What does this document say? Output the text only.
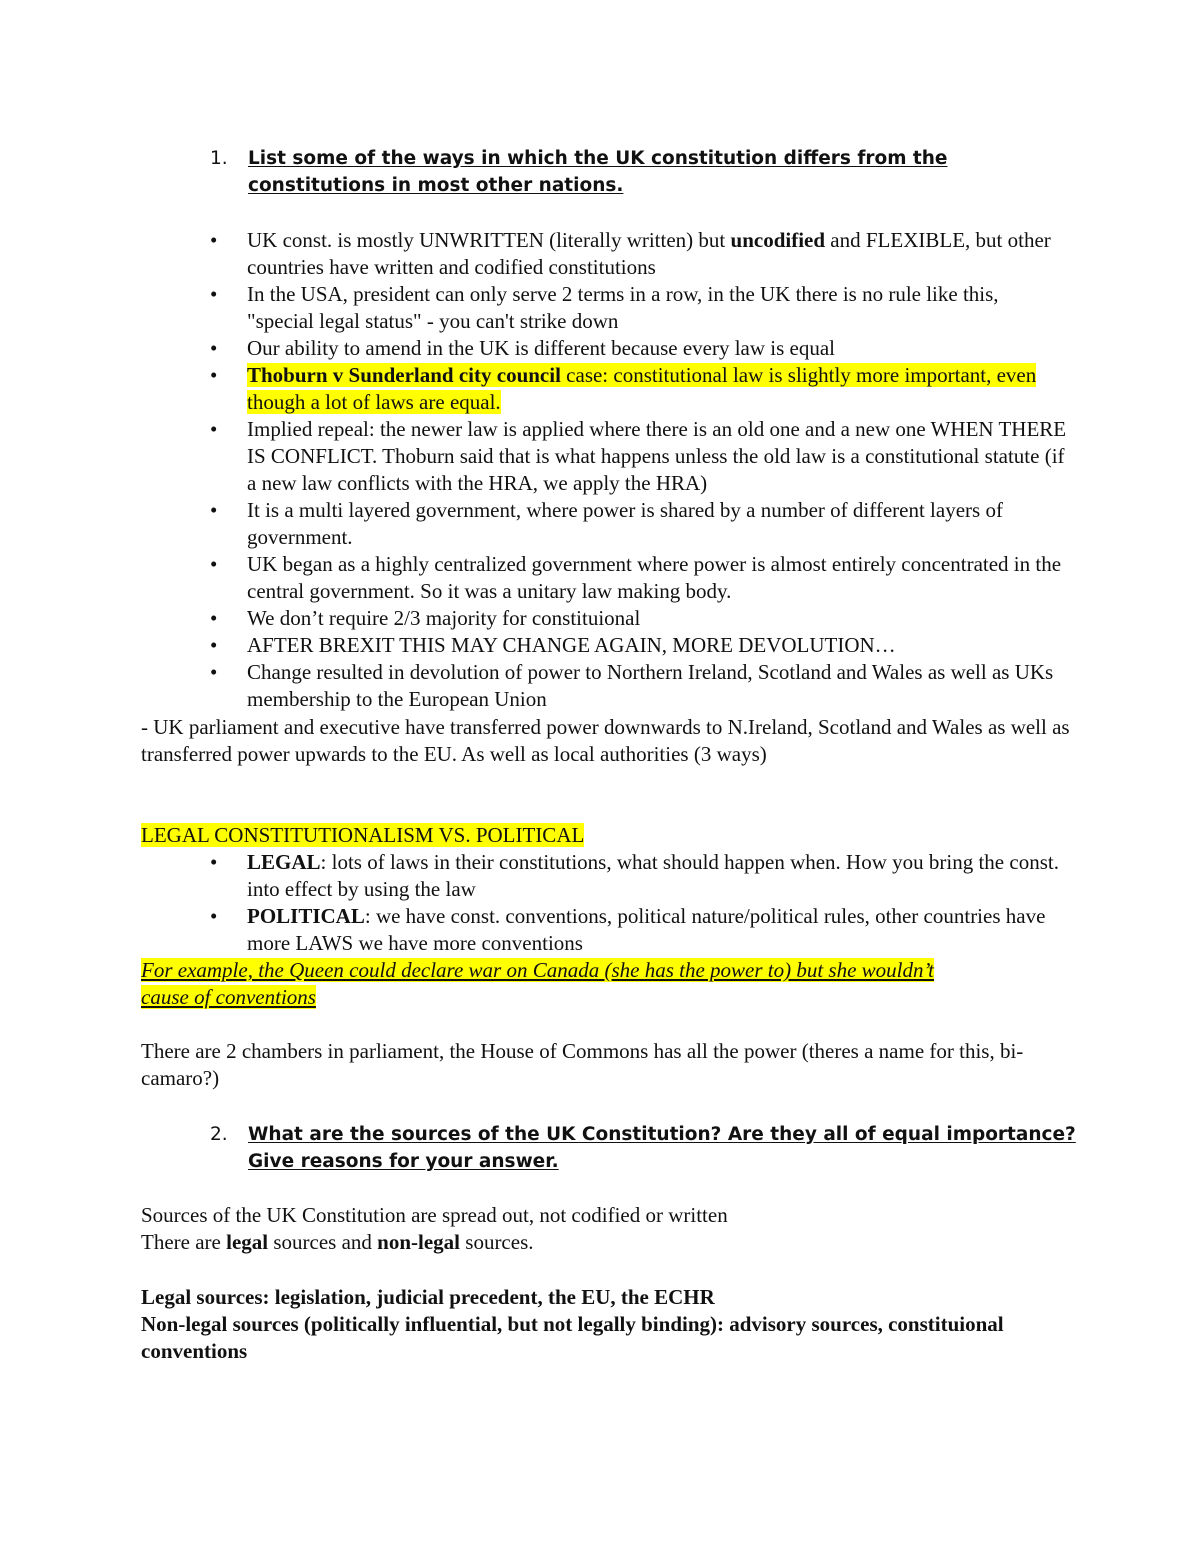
1. List some of the ways in which the UK constitution differs from the constitutions in most other nations.
• UK const. is mostly UNWRITTEN (literally written) but uncodified and FLEXIBLE, but other countries have written and codified constitutions
• In the USA, president can only serve 2 terms in a row, in the UK there is no rule like this, "special legal status" - you can't strike down
• Our ability to amend in the UK is different because every law is equal
• Thoburn v Sunderland city council case: constitutional law is slightly more important, even though a lot of laws are equal.
• Implied repeal: the newer law is applied where there is an old one and a new one WHEN THERE IS CONFLICT. Thoburn said that is what happens unless the old law is a constitutional statute (if a new law conflicts with the HRA, we apply the HRA)
• It is a multi layered government, where power is shared by a number of different layers of government.
• UK began as a highly centralized government where power is almost entirely concentrated in the central government. So it was a unitary law making body.
• We don’t require 2/3 majority for constituional
• AFTER BREXIT THIS MAY CHANGE AGAIN, MORE DEVOLUTION…
• Change resulted in devolution of power to Northern Ireland, Scotland and Wales as well as UKs membership to the European Union
- UK parliament and executive have transferred power downwards to N.Ireland, Scotland and Wales as well as transferred power upwards to the EU. As well as local authorities (3 ways)
LEGAL CONSTITUTIONALISM VS. POLITICAL
• LEGAL: lots of laws in their constitutions, what should happen when. How you bring the const. into effect by using the law
• POLITICAL: we have const. conventions, political nature/political rules, other countries have more LAWS we have more conventions
For example, the Queen could declare war on Canada (she has the power to) but she wouldn’t
cause of conventions
There are 2 chambers in parliament, the House of Commons has all the power (theres a name for this, bi-camaro?)
2. What are the sources of the UK Constitution? Are they all of equal importance? Give reasons for your answer.
Sources of the UK Constitution are spread out, not codified or written
There are legal sources and non-legal sources.
Legal sources: legislation, judicial precedent, the EU, the ECHR
Non-legal sources (politically influential, but not legally binding): advisory sources, constituional conventions
